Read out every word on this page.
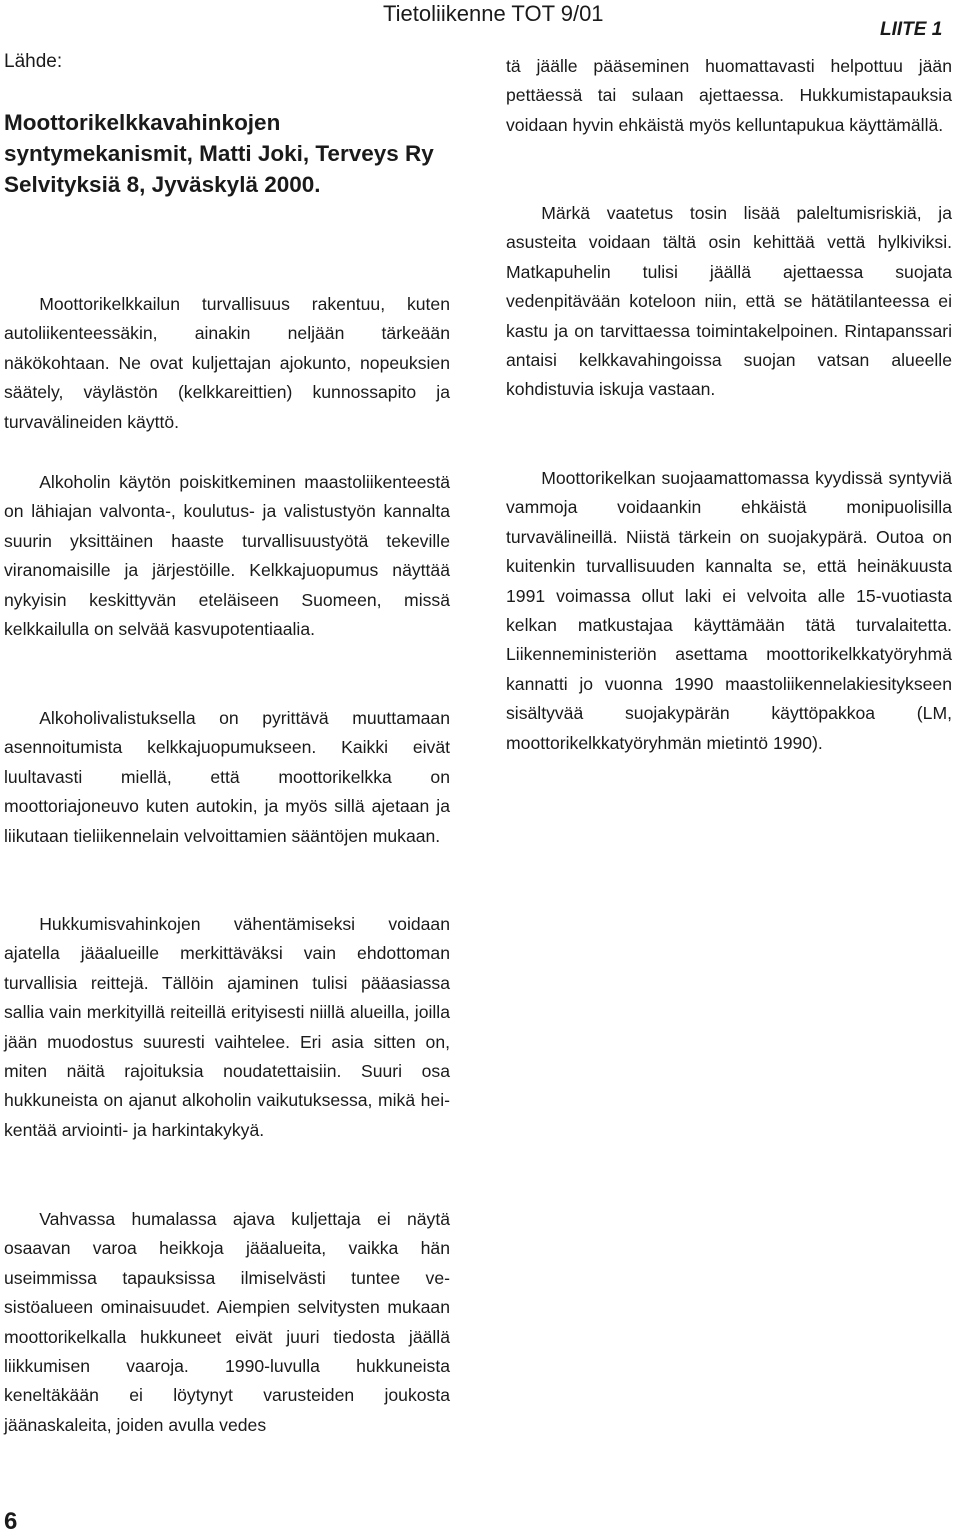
Tietoliikenne TOT 9/01
LIITE 1
Lähde:
Moottorikelkkavahinkojen syntymekanismit, Matti Joki, Terveys Ry Selvityksiä 8, Jyväskylä 2000.

  Moottorikelkkailun turvallisuus rakentuu, kuten autoliikenteessäkin, ainakin neljään tärkeään näkökohtaan. Ne ovat kuljettajan ajokunto, nopeuksien säätely, väylästön (kelkkareittien) kunnossapito ja turvavälineiden käyttö.

  Alkoholin käytön poiskitkeminen maastoliikenteestä on lähiajan valvonta-, koulutus- ja valistustyön kannalta suurin yksittäinen haaste turvallisuustyötä tekeville viranomaisille ja järjestöille. Kelkkajuopumus näyttää nykyisin keskittyvän eteläiseen Suomeen, missä kelkkailulla on selvää kasvupotentiaalia.

  Alkoholivalistuksella on pyrittävä muuttamaan asennoitumista kelkkajuopumukseen. Kaikki eivät luultavasti miellä, että moottorikelkka on moottoriajoneuvo kuten autokin, ja myös sillä ajetaan ja liikutaan tieliikennelain velvoittamien sääntöjen mukaan.

  Hukkumisvahinkojen vähentämiseksi voidaan ajatella jääalueille merkittäväksi vain ehdottoman turvallisia reittejä. Tällöin ajaminen tulisi pääasiassa sallia vain merkityillä reiteillä erityisesti niillä alueilla, joilla jään muodostus suuresti vaihtelee. Eri asia sitten on, miten näitä rajoituksia noudatettaisiin. Suuri osa hukkuneista on ajanut alkoholin vaikutuksessa, mikä heikentää arviointi- ja harkintakykyä.

  Vahvassa humalassa ajava kuljettaja ei näytä osaavan varoa heikkoja jääalueita, vaikka hän useimmissa tapauksissa ilmiselvästi tuntee vesistöalueen ominaisuudet. Aiempien selvitysten mukaan moottorikelkalla hukkuneet eivät juuri tiedosta jäällä liikkumisen vaaroja. 1990-luvulla hukkuneista keneltäkään ei löytynyt varusteiden joukosta jäänaskaleita, joiden avulla vedes

tä jäälle pääseminen huomattavasti helpottuu jään pettäessä tai sulaan ajettaessa. Hukkumistapauksia voidaan hyvin ehkäistä myös kelluntapukua käyttämällä.

  Märkä vaatetus tosin lisää paleltumisriskiä, ja asusteita voidaan tältä osin kehittää vettä hylkiviksi. Matkapuhelin tulisi jäällä ajettaessa suojata vedenpitävään koteloon niin, että se hätätilanteessa ei kastu ja on tarvittaessa toimintakelpoinen. Rintapanssari antaisi kelkkavahingoissa suojan vatsan alueelle kohdistuvia iskuja vastaan.

  Moottorikelkan suojaamattomassa kyydissä syntyviä vammoja voidaankin ehkäistä monipuolisilla turvavälineillä. Niistä tärkein on suojakypärä. Outoa on kuitenkin turvallisuuden kannalta se, että heinäkuusta 1991 voimassa ollut laki ei velvoita alle 15-vuotiasta kelkan matkustajaa käyttämään tätä turvalaitetta. Liikenneministeriön asettama moottorikelkkatyöryhmä kannatti jo vuonna 1990 maastoliikennelakiesitykseen sisältyvää suojakypärän käyttöpakkoa (LM, moottorikelkkatyöryhmän mietintö 1990).

6
